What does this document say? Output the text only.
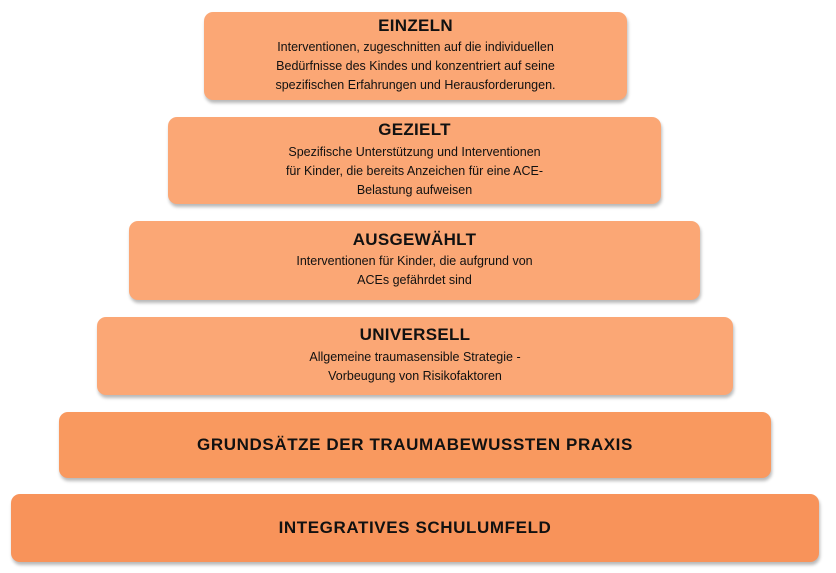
EINZELN
Interventionen, zugeschnitten auf die individuellen
Bedürfnisse des Kindes und konzentriert auf seine
spezifischen Erfahrungen und Herausforderungen.
GEZIELT
Spezifische Unterstützung und Interventionen
für Kinder, die bereits Anzeichen für eine ACE-
Belastung aufweisen
AUSGEWÄHLT
Interventionen für Kinder, die aufgrund von
ACEs gefährdet sind
UNIVERSELL
Allgemeine traumasensible Strategie -
Vorbeugung von Risikofaktoren
GRUNDSÄTZE DER TRAUMABEWUSSTEN PRAXIS
INTEGRATIVES SCHULUMFELD
